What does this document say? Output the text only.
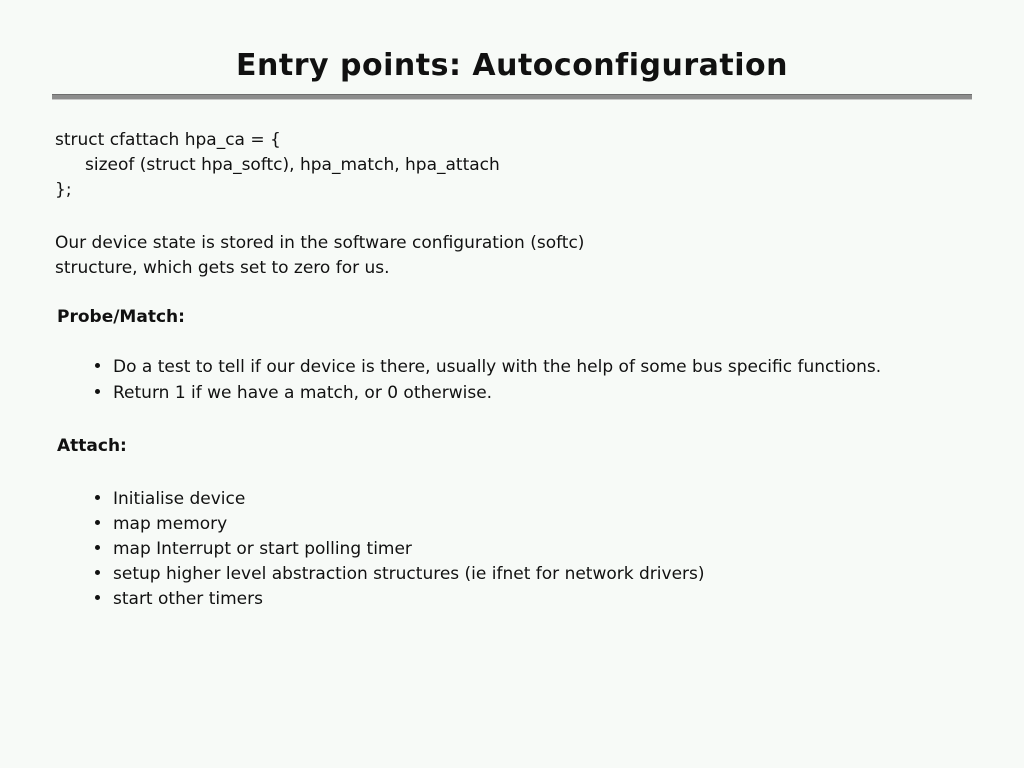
Entry points: Autoconfiguration
struct cfattach hpa_ca = {
sizeof (struct hpa_softc), hpa_match, hpa_attach
};
Our device state is stored in the software configuration (softc)
structure, which gets set to zero for us.
Probe/Match:
Do a test to tell if our device is there, usually with the help of some bus specific functions.
Return 1 if we have a match, or 0 otherwise.
Attach:
Initialise device
map memory
map Interrupt or start polling timer
setup higher level abstraction structures (ie ifnet for network drivers)
start other timers
